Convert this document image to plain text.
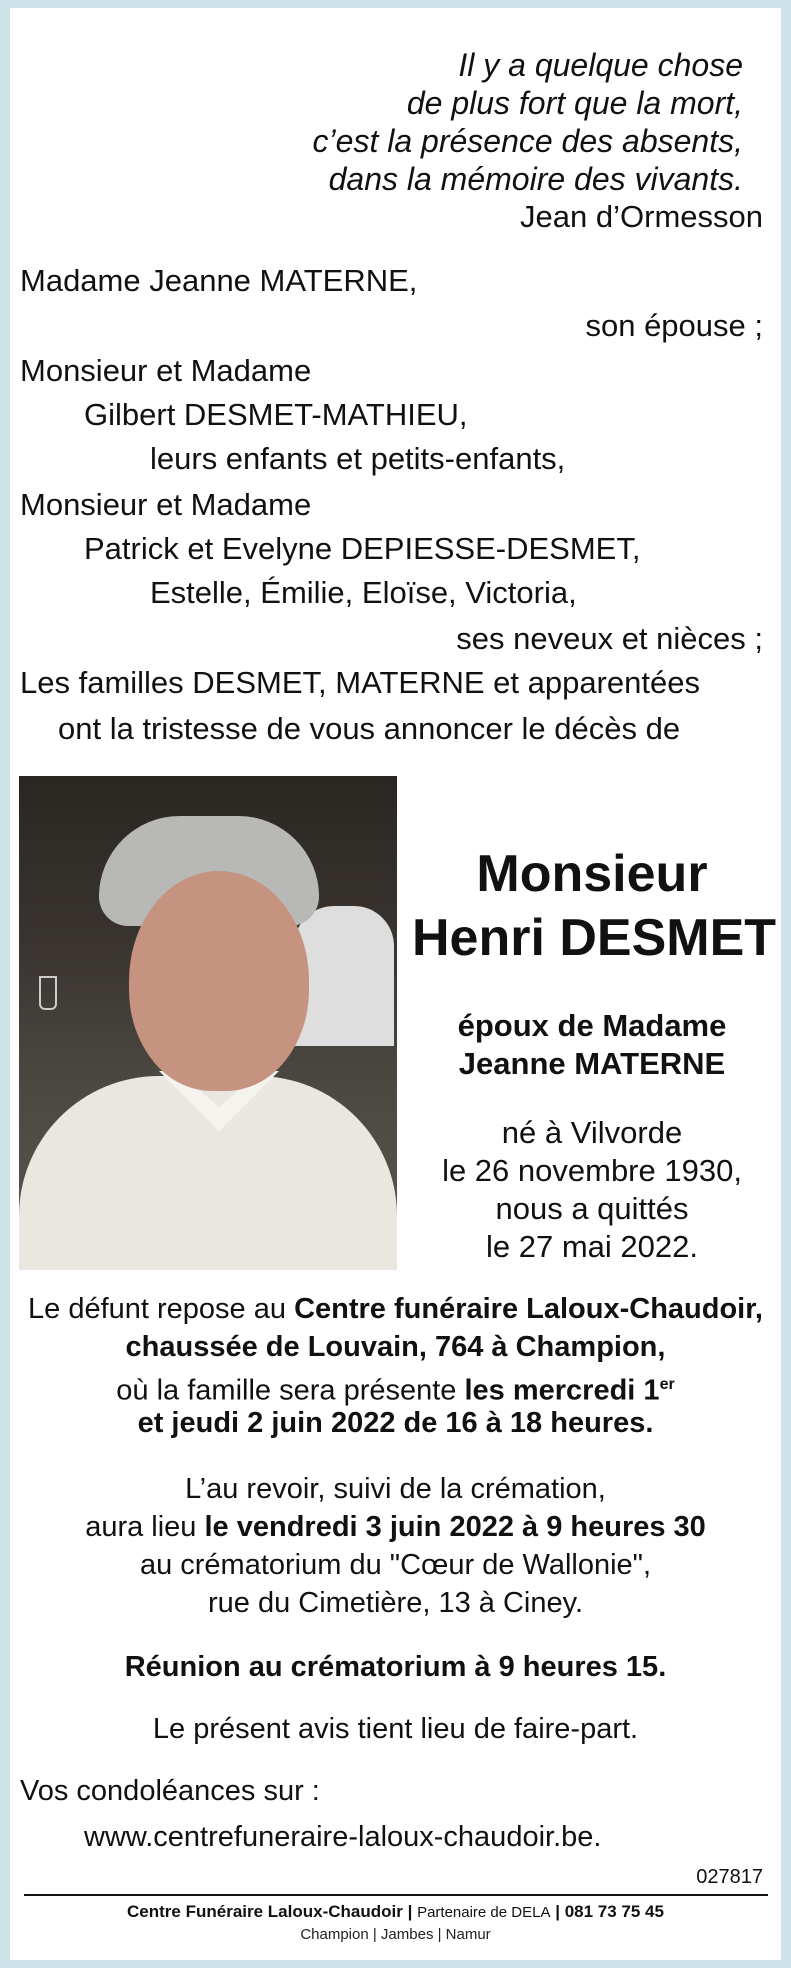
Il y a quelque chose
de plus fort que la mort,
c’est la présence des absents,
dans la mémoire des vivants.
Jean d’Ormesson
Madame Jeanne MATERNE,
son épouse ;
Monsieur et Madame
Gilbert DESMET-MATHIEU,
leurs enfants et petits-enfants,
Monsieur et Madame
Patrick et Evelyne DEPIESSE-DESMET,
Estelle, Émilie, Eloïse, Victoria,
ses neveux et nièces ;
Les familles DESMET, MATERNE et apparentées
ont la tristesse de vous annoncer le décès de
Monsieur
Henri DESMET
époux de Madame
Jeanne MATERNE
né à Vilvorde
le 26 novembre 1930,
nous a quittés
le 27 mai 2022.
Le défunt repose au Centre funéraire Laloux-Chaudoir,
chaussée de Louvain, 764 à Champion,
où la famille sera présente les mercredi 1er
et jeudi 2 juin 2022 de 16 à 18 heures.
L’au revoir, suivi de la crémation,
aura lieu le vendredi 3 juin 2022 à 9 heures 30
au crématorium du "Cœur de Wallonie",
rue du Cimetière, 13 à Ciney.
Réunion au crématorium à 9 heures 15.
Le présent avis tient lieu de faire-part.
Vos condoléances sur :
www.centrefuneraire-laloux-chaudoir.be.
027817
Centre Funéraire Laloux-Chaudoir | Partenaire de DELA | 081 73 75 45
Champion | Jambes | Namur
